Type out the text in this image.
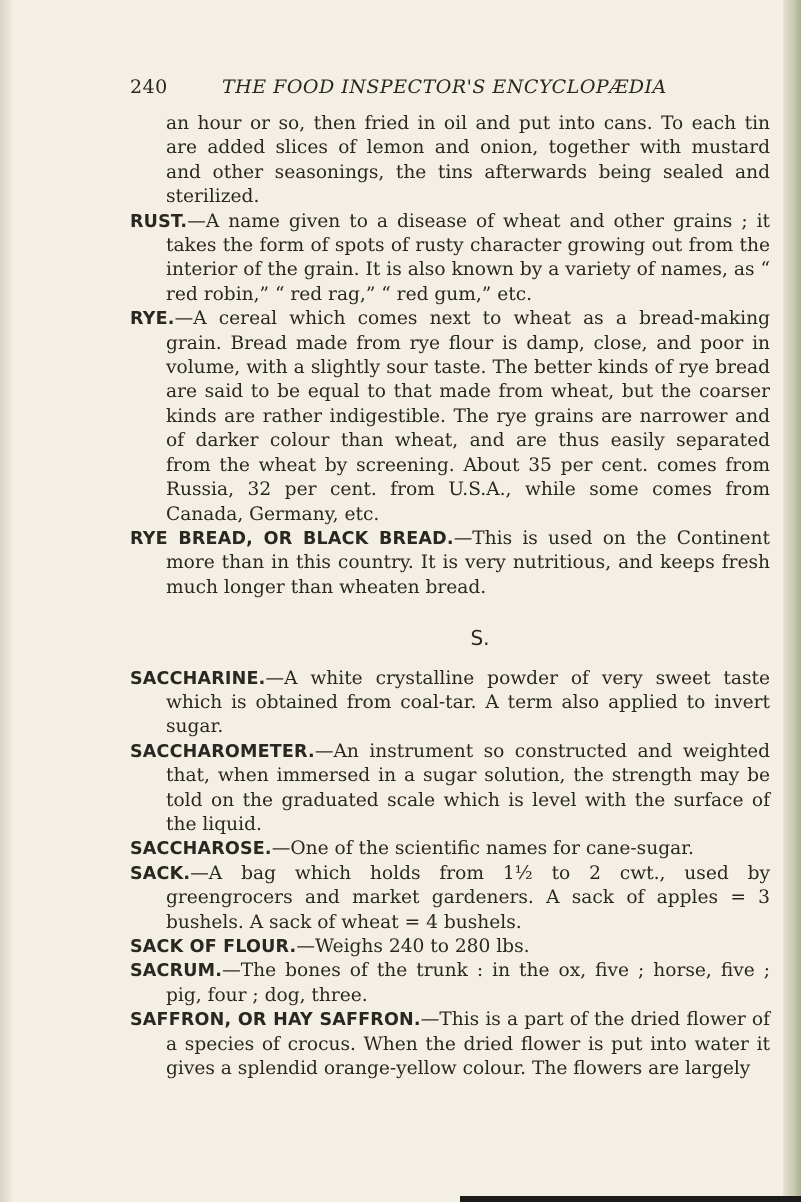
240	THE FOOD INSPECTOR'S ENCYCLOPÆDIA

an hour or so, then fried in oil and put into cans. To each tin are added slices of lemon and onion, together with mustard and other seasonings, the tins afterwards being sealed and sterilized.

RUST.—A name given to a disease of wheat and other grains ; it takes the form of spots of rusty character growing out from the interior of the grain. It is also known by a variety of names, as “ red robin,” “ red rag,” “ red gum,” etc.

RYE.—A cereal which comes next to wheat as a bread-making grain. Bread made from rye flour is damp, close, and poor in volume, with a slightly sour taste. The better kinds of rye bread are said to be equal to that made from wheat, but the coarser kinds are rather indigestible. The rye grains are narrower and of darker colour than wheat, and are thus easily separated from the wheat by screening. About 35 per cent. comes from Russia, 32 per cent. from U.S.A., while some comes from Canada, Germany, etc.

RYE BREAD, OR BLACK BREAD.—This is used on the Continent more than in this country. It is very nutritious, and keeps fresh much longer than wheaten bread.

S.

SACCHARINE.—A white crystalline powder of very sweet taste which is obtained from coal-tar. A term also applied to invert sugar.

SACCHAROMETER.—An instrument so constructed and weighted that, when immersed in a sugar solution, the strength may be told on the graduated scale which is level with the surface of the liquid.

SACCHAROSE.—One of the scientific names for cane-sugar.

SACK.—A bag which holds from 1½ to 2 cwt., used by greengrocers and market gardeners. A sack of apples = 3 bushels. A sack of wheat = 4 bushels.

SACK OF FLOUR.—Weighs 240 to 280 lbs.

SACRUM.—The bones of the trunk : in the ox, five ; horse, five ; pig, four ; dog, three.

SAFFRON, OR HAY SAFFRON.—This is a part of the dried flower of a species of crocus. When the dried flower is put into water it gives a splendid orange-yellow colour. The flowers are largely
